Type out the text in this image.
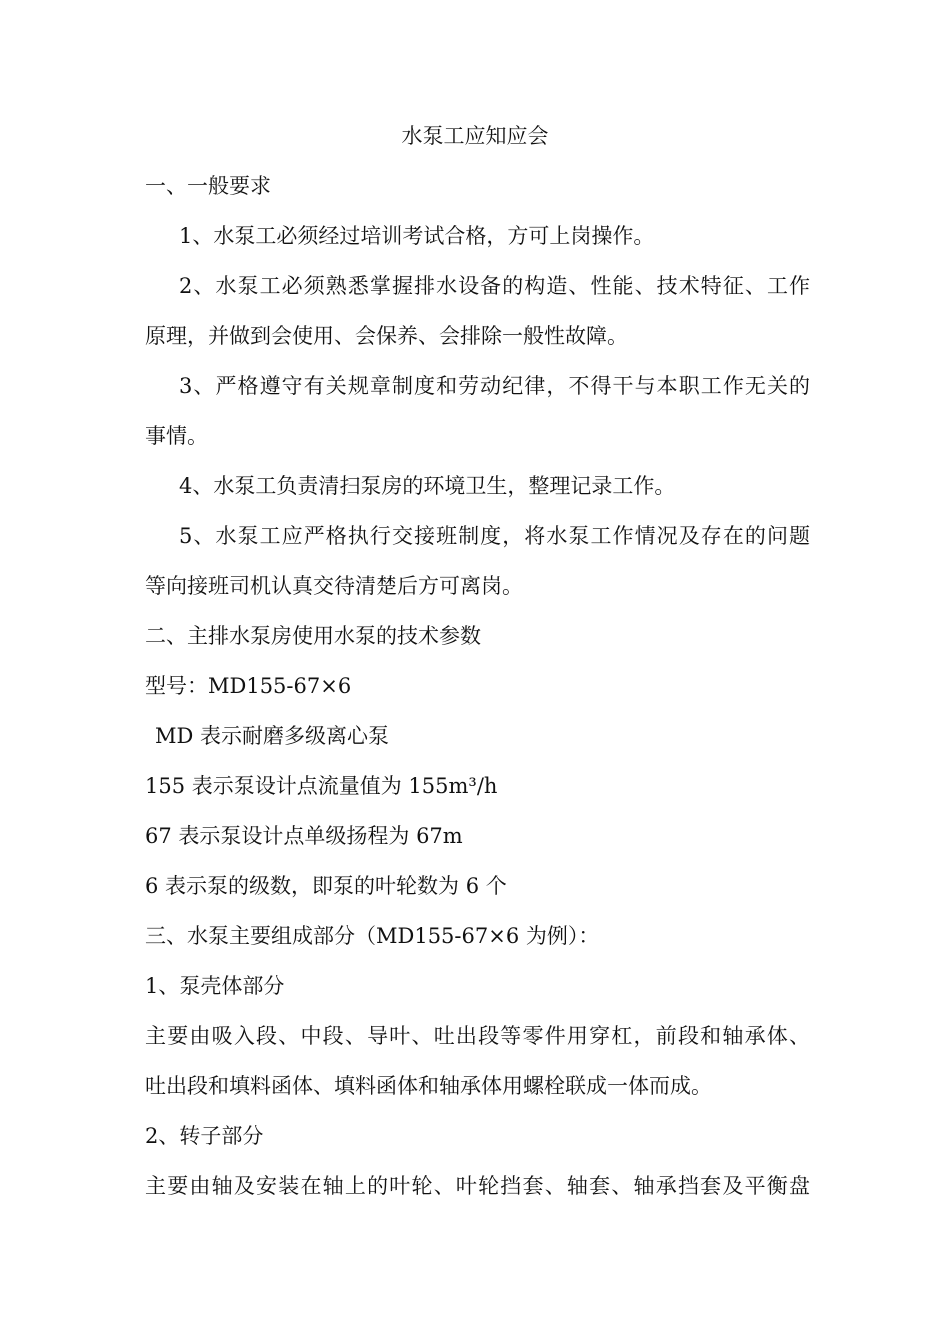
水泵工应知应会
一、一般要求
1、水泵工必须经过培训考试合格，方可上岗操作。
2、水泵工必须熟悉掌握排水设备的构造、性能、技术特征、工作
原理，并做到会使用、会保养、会排除一般性故障。
3、严格遵守有关规章制度和劳动纪律，不得干与本职工作无关的
事情。
4、水泵工负责清扫泵房的环境卫生，整理记录工作。
5、水泵工应严格执行交接班制度，将水泵工作情况及存在的问题
等向接班司机认真交待清楚后方可离岗。
二、主排水泵房使用水泵的技术参数
型号：MD155-67×6
MD 表示耐磨多级离心泵
155 表示泵设计点流量值为 155m³/h
67 表示泵设计点单级扬程为 67m
6 表示泵的级数，即泵的叶轮数为 6 个
三、水泵主要组成部分（MD155-67×6 为例）：
1、泵壳体部分
主要由吸入段、中段、导叶、吐出段等零件用穿杠，前段和轴承体、
吐出段和填料函体、填料函体和轴承体用螺栓联成一体而成。
2、转子部分
主要由轴及安装在轴上的叶轮、叶轮挡套、轴套、轴承挡套及平衡盘
